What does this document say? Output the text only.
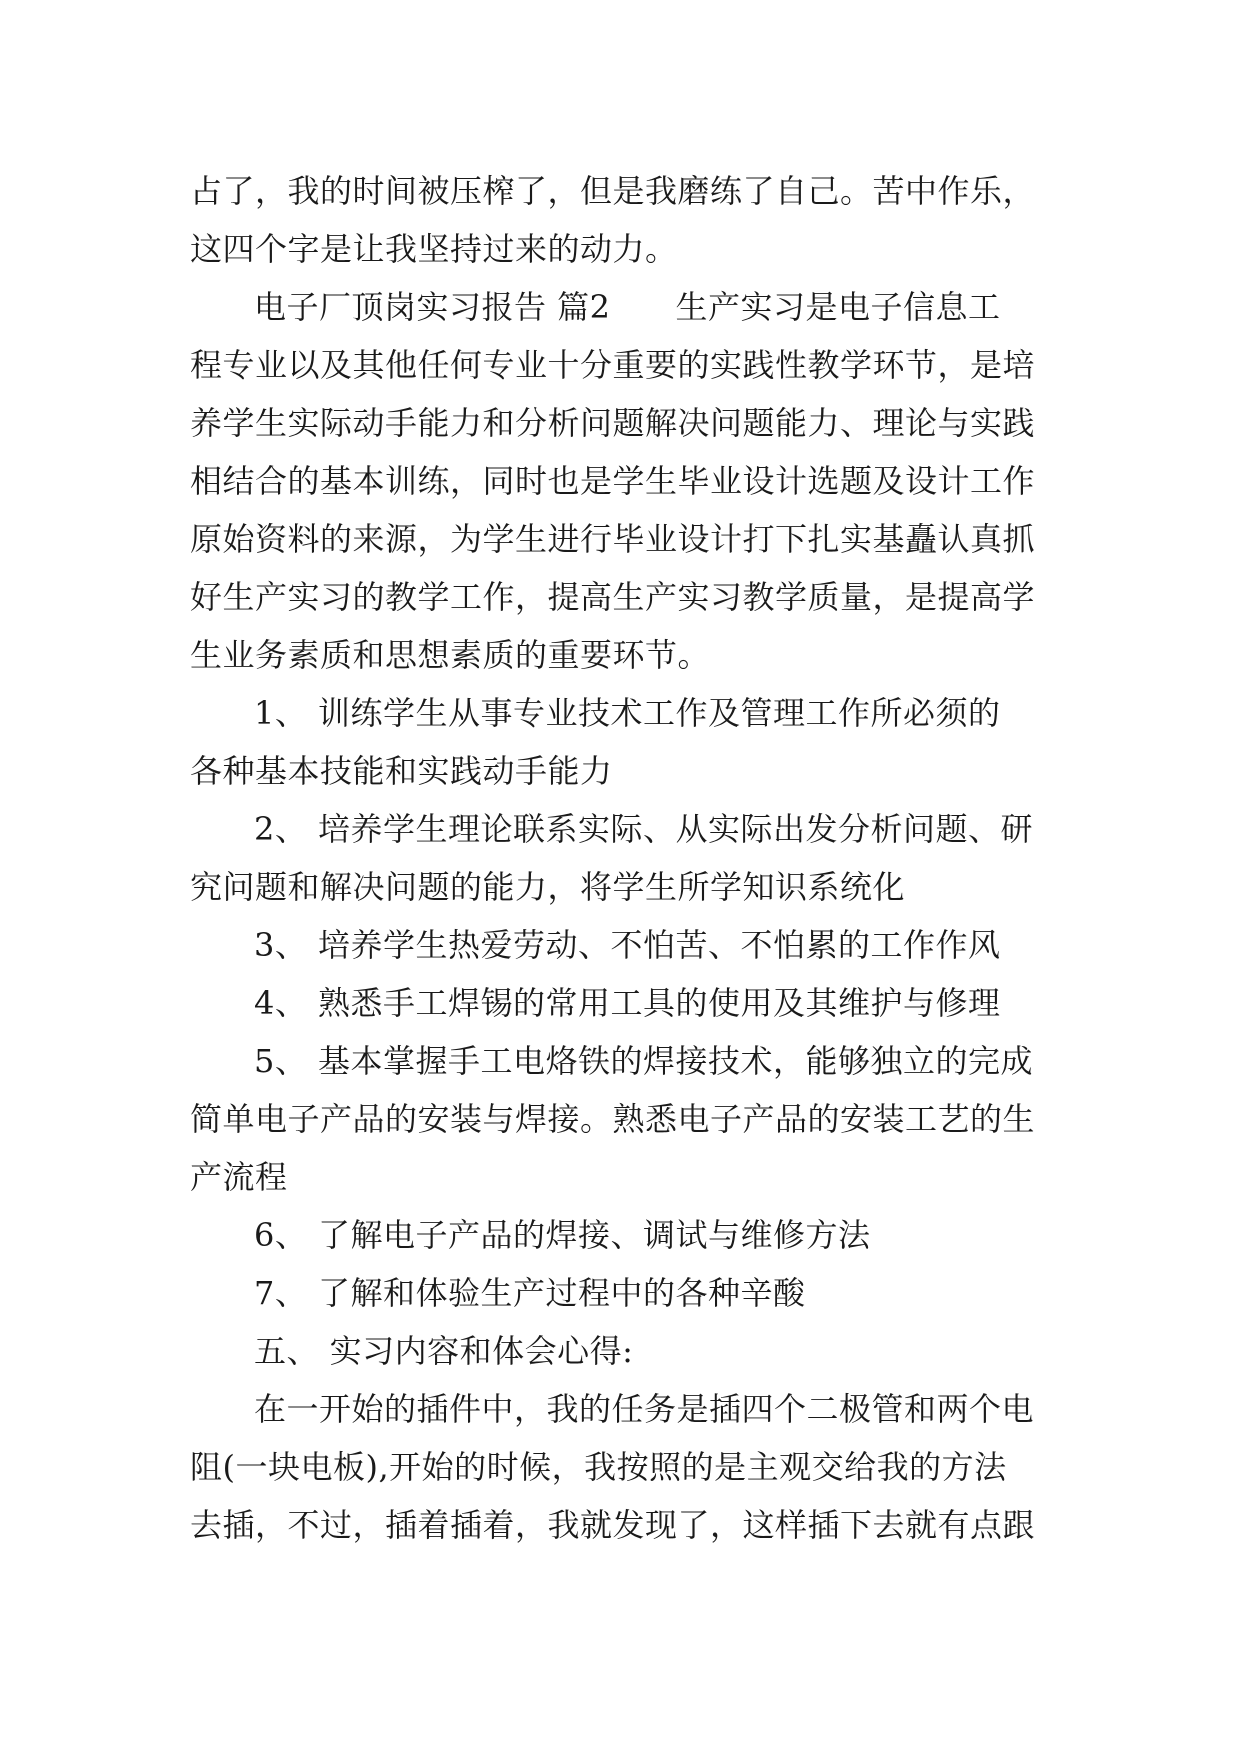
占了，我的时间被压榨了，但是我磨练了自己。苦中作乐，
这四个字是让我坚持过来的动力。
电子厂顶岗实习报告 篇2　　生产实习是电子信息工
程专业以及其他任何专业十分重要的实践性教学环节，是培
养学生实际动手能力和分析问题解决问题能力、理论与实践
相结合的基本训练，同时也是学生毕业设计选题及设计工作
原始资料的来源，为学生进行毕业设计打下扎实基矗认真抓
好生产实习的教学工作，提高生产实习教学质量，是提高学
生业务素质和思想素质的重要环节。
1、 训练学生从事专业技术工作及管理工作所必须的
各种基本技能和实践动手能力
2、 培养学生理论联系实际、从实际出发分析问题、研
究问题和解决问题的能力，将学生所学知识系统化
3、 培养学生热爱劳动、不怕苦、不怕累的工作作风
4、 熟悉手工焊锡的常用工具的使用及其维护与修理
5、 基本掌握手工电烙铁的焊接技术，能够独立的完成
简单电子产品的安装与焊接。熟悉电子产品的安装工艺的生
产流程
6、 了解电子产品的焊接、调试与维修方法
7、 了解和体验生产过程中的各种辛酸
五、 实习内容和体会心得:
在一开始的插件中，我的任务是插四个二极管和两个电
阻(一块电板),开始的时候，我按照的是主观交给我的方法
去插，不过，插着插着，我就发现了，这样插下去就有点跟
